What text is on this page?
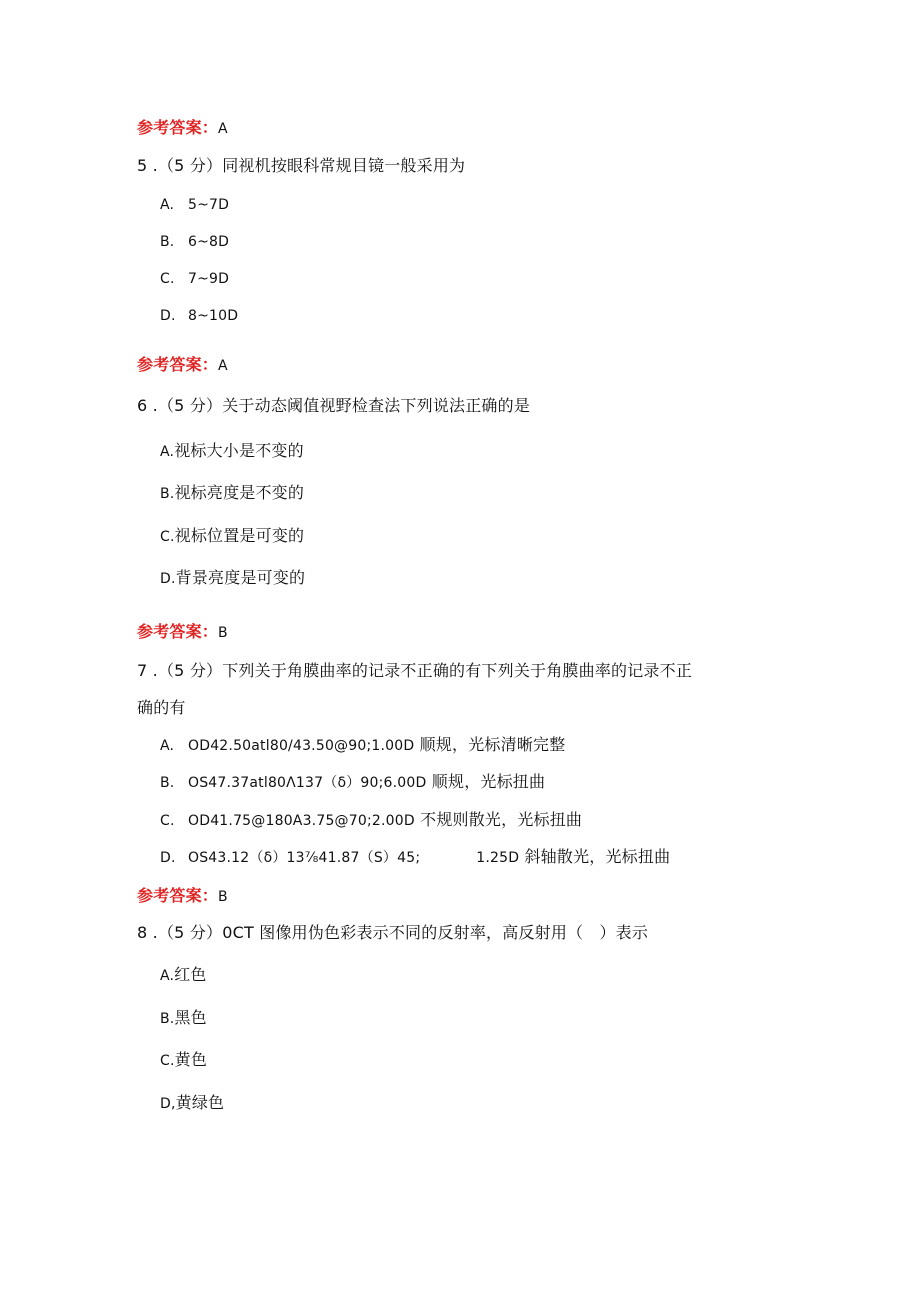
参考答案：A
5 .（5 分）同视机按眼科常规目镜一般采用为
A. 5~7D
B. 6~8D
C. 7~9D
D. 8~10D
参考答案：A
6 .（5 分）关于动态阈值视野检查法下列说法正确的是
A.视标大小是不变的
B.视标亮度是不变的
C.视标位置是可变的
D.背景亮度是可变的
参考答案：B
7 .（5 分）下列关于角膜曲率的记录不正确的有下列关于角膜曲率的记录不正
确的有
A. OD42.50atl80/43.50@90;1.00D 顺规，光标清晰完整
B. OS47.37atl80Λ137（δ）90;6.00D 顺规，光标扭曲
C. OD41.75@180A3.75@70;2.00D 不规则散光，光标扭曲
D. OS43.12（δ）13⅞41.87（S）45;	1.25D 斜轴散光，光标扭曲
参考答案：B
8 .（5 分）0CT 图像用伪色彩表示不同的反射率，高反射用（　）表示
A.红色
B.黑色
C.黄色
D,黄绿色
